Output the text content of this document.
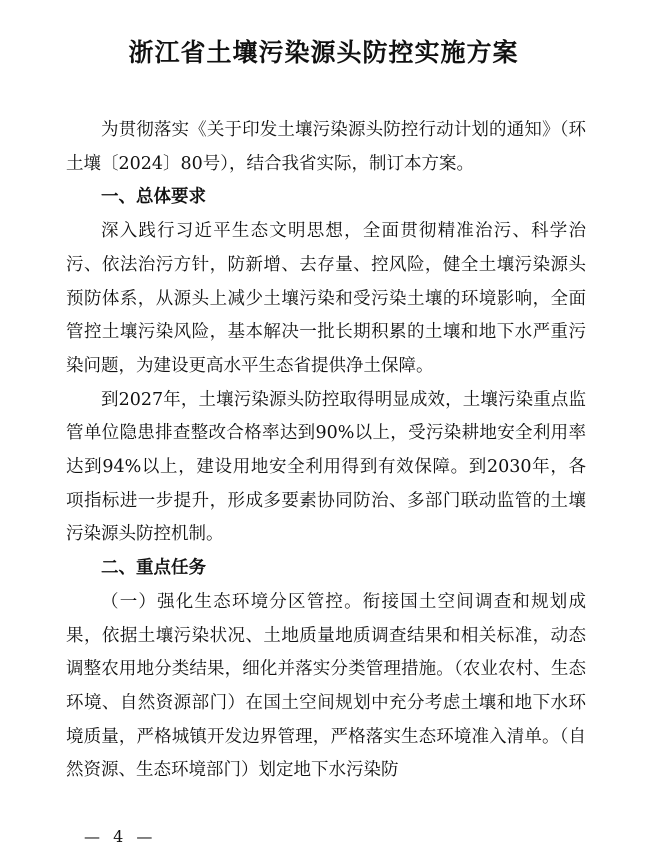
浙江省土壤污染源头防控实施方案

为贯彻落实《关于印发土壤污染源头防控行动计划的通知》（环土壤〔2024〕80号），结合我省实际，制订本方案。

一、总体要求

深入践行习近平生态文明思想，全面贯彻精准治污、科学治污、依法治污方针，防新增、去存量、控风险，健全土壤污染源头预防体系，从源头上减少土壤污染和受污染土壤的环境影响，全面管控土壤污染风险，基本解决一批长期积累的土壤和地下水严重污染问题，为建设更高水平生态省提供净土保障。

到2027年，土壤污染源头防控取得明显成效，土壤污染重点监管单位隐患排查整改合格率达到90%以上，受污染耕地安全利用率达到94%以上，建设用地安全利用得到有效保障。到2030年，各项指标进一步提升，形成多要素协同防治、多部门联动监管的土壤污染源头防控机制。

二、重点任务

（一）强化生态环境分区管控。衔接国土空间调查和规划成果，依据土壤污染状况、土地质量地质调查结果和相关标准，动态调整农用地分类结果，细化并落实分类管理措施。（农业农村、生态环境、自然资源部门）在国土空间规划中充分考虑土壤和地下水环境质量，严格城镇开发边界管理，严格落实生态环境准入清单。（自然资源、生态环境部门）划定地下水污染防

— 4 —
